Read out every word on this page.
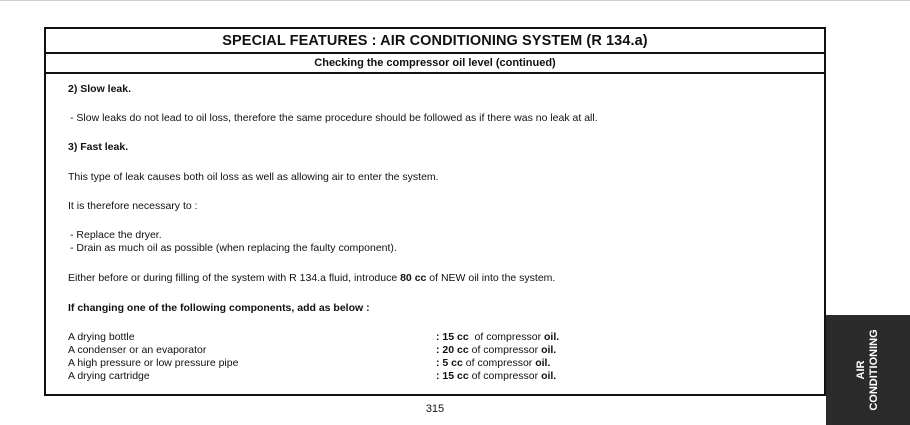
SPECIAL FEATURES : AIR CONDITIONING SYSTEM (R 134.a)
Checking the compressor oil level (continued)
2) Slow leak.
- Slow leaks do not lead to oil loss, therefore the same procedure should be followed as if there was no leak at all.
3) Fast leak.
This type of leak causes both oil loss as well as allowing air to enter the system.
It is therefore necessary to :
- Replace the dryer.
- Drain as much oil as possible (when replacing the faulty component).
Either before or during filling of the system with R 134.a fluid, introduce 80 cc of NEW oil into the system.
If changing one of the following components, add as below :
A drying bottle	: 15 cc  of compressor oil.
A condenser or an evaporator	: 20 cc of compressor oil.
A high pressure or low pressure pipe	: 5 cc of compressor oil.
A drying cartridge	: 15 cc of compressor oil.
315
AIR CONDITIONING
